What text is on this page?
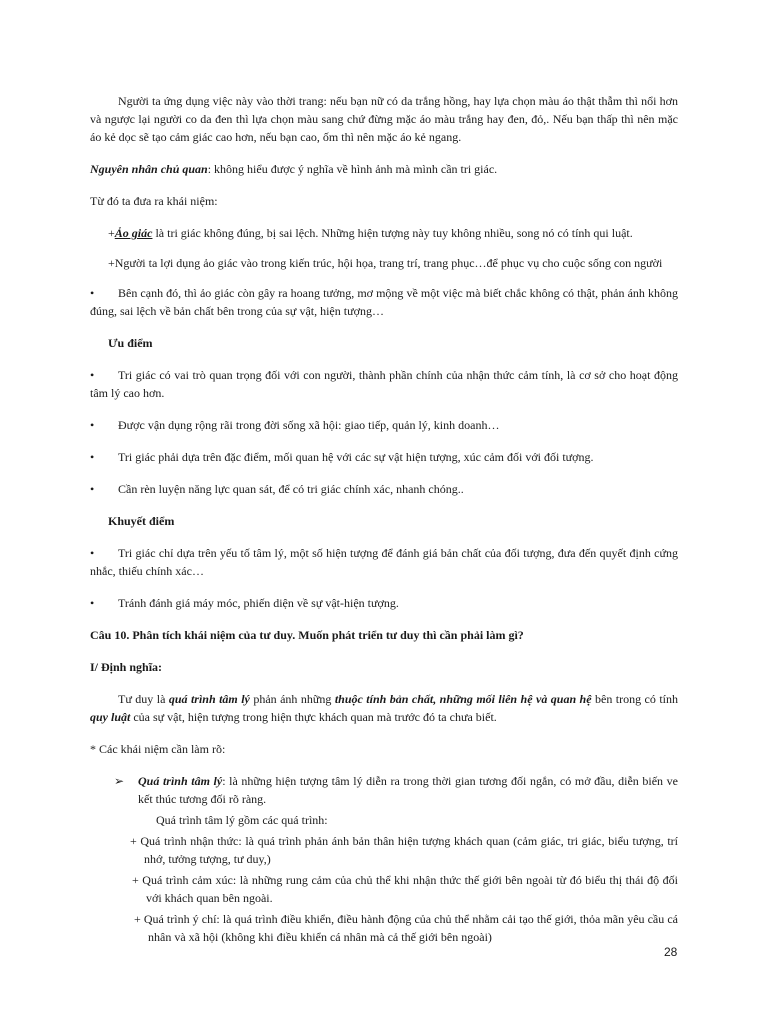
Người ta ứng dụng việc này vào thời trang: nếu bạn nữ có da trắng hồng, hay lựa chọn màu áo thật thẫm thì nổi hơn và ngược lại người co da đen thì lựa chọn màu sang chứ đừng mặc áo màu trắng hay đen, đỏ,. Nếu bạn thấp thì nên mặc áo kẻ dọc sẽ tạo cảm giác cao hơn, nếu bạn cao, ốm thì nên mặc áo kẻ ngang.

Nguyên nhân chủ quan: không hiểu được ý nghĩa về hình ảnh mà mình cần tri giác.

Từ đó ta đưa ra khái niệm:

+Ảo giác là tri giác không đúng, bị sai lệch. Những hiện tượng này tuy không nhiều, song nó có tính qui luật.

+Người ta lợi dụng ảo giác vào trong kiến trúc, hội họa, trang trí, trang phục…để phục vụ cho cuộc sống con người

• Bên cạnh đó, thì ảo giác còn gây ra hoang tưởng, mơ mộng về một việc mà biết chắc không có thật, phản ánh không đúng, sai lệch về bản chất bên trong của sự vật, hiện tượng…

Ưu điểm

• Tri giác có vai trò quan trọng đối với con người, thành phần chính của nhận thức cảm tính, là cơ sở cho hoạt động tâm lý cao hơn.

• Được vận dụng rộng rãi trong đời sống xã hội: giao tiếp, quản lý, kinh doanh…

• Tri giác phải dựa trên đặc điểm, mối quan hệ với các sự vật hiện tượng, xúc cảm đối với đối tượng.

• Cần rèn luyện năng lực quan sát, để có tri giác chính xác, nhanh chóng..

Khuyết điểm

• Tri giác chỉ dựa trên yếu tố tâm lý, một số hiện tượng để đánh giá bản chất của đối tượng, đưa đến quyết định cứng nhắc, thiếu chính xác…

• Tránh đánh giá máy móc, phiến diện về sự vật-hiện tượng.

Câu 10. Phân tích khái niệm của tư duy. Muốn phát triển tư duy thì cần phải làm gì?

I/ Định nghĩa:

Tư duy là quá trình tâm lý phản ánh những thuộc tính bản chất, những mối liên hệ và quan hệ bên trong có tính quy luật của sự vật, hiện tượng trong hiện thực khách quan mà trước đó ta chưa biết.

* Các khái niệm cần làm rõ:

➢ Quá trình tâm lý: là những hiện tượng tâm lý diễn ra trong thời gian tương đối ngắn, có mở đầu, diễn biến ve kết thúc tương đối rõ ràng.

Quá trình tâm lý gồm các quá trình:

+ Quá trình nhận thức: là quá trình phản ánh bản thân hiện tượng khách quan (cảm giác, tri giác, biểu tượng, trí nhớ, tưởng tượng, tư duy,)

+ Quá trình cảm xúc: là những rung cảm của chủ thể khi nhận thức thế giới bên ngoài từ đó biểu thị thái độ đối với khách quan bên ngoài.

+ Quá trình ý chí: là quá trình điều khiển, điều hành động của chủ thể nhằm cải tạo thế giới, thỏa mãn yêu cầu cá nhân và xã hội (không khi điều khiển cá nhân mà cả thế giới bên ngoài)

28
